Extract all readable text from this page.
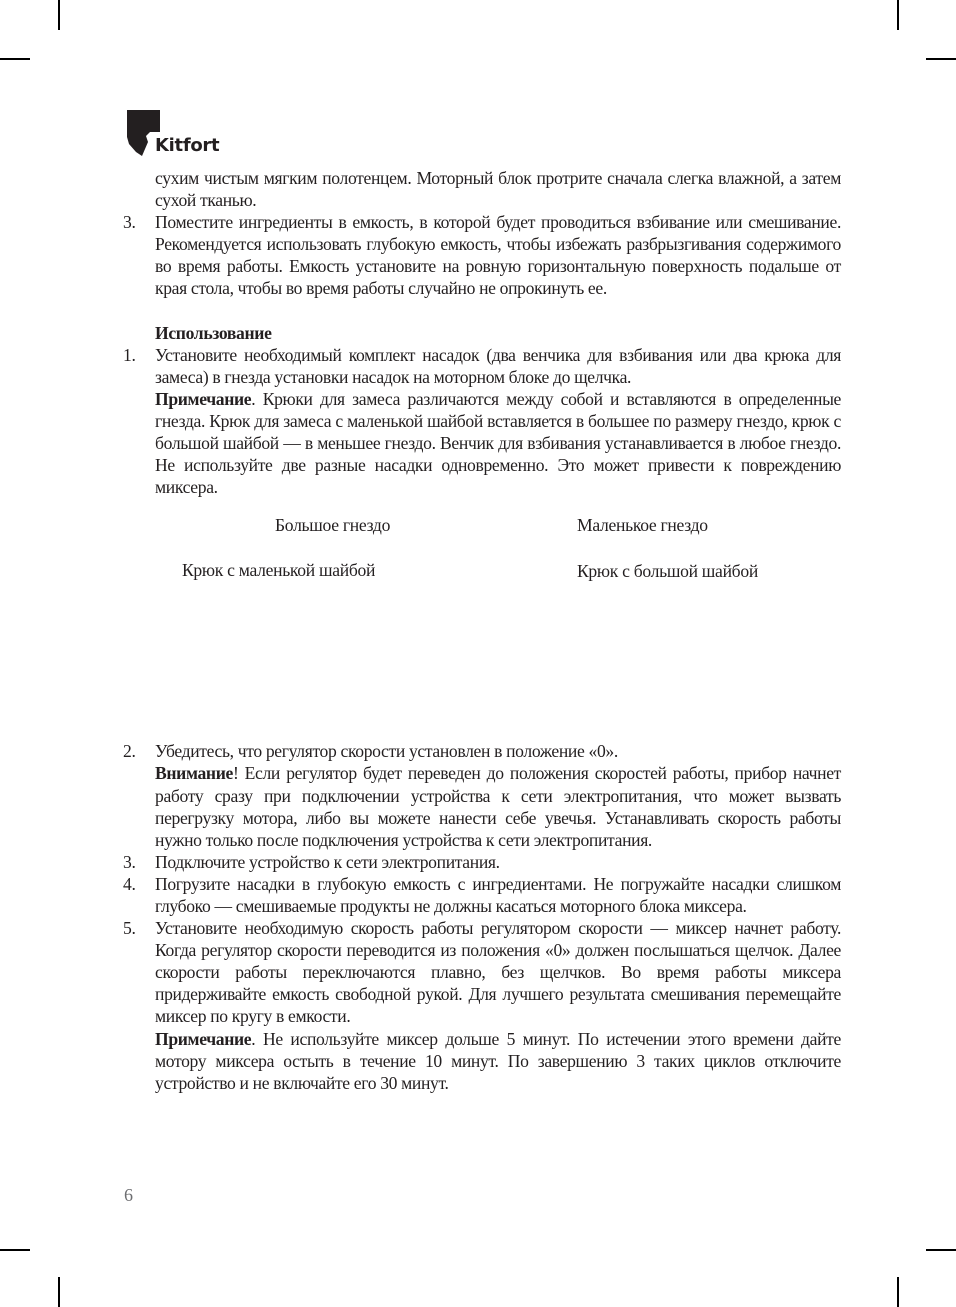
Kitfort
сухим чистым мягким полотенцем. Моторный блок протрите сначала слегка влажной, а затем сухой тканью.
3. Поместите ингредиенты в емкость, в которой будет проводиться взбивание или смешивание. Рекомендуется использовать глубокую емкость, чтобы избежать разбрызгивания содержимого во время работы. Емкость установите на ровную горизонтальную поверхность подальше от края стола, чтобы во время работы случайно не опрокинуть ее.
Использование
1. Установите необходимый комплект насадок (два венчика для взбивания или два крюка для замеса) в гнезда установки насадок на моторном блоке до щелчка.
Примечание. Крюки для замеса различаются между собой и вставляются в определенные гнезда. Крюк для замеса с маленькой шайбой вставляется в большее по размеру гнездо, крюк с большой шайбой — в меньшее гнездо. Венчик для взбивания устанавливается в любое гнездо. Не используйте две разные насадки одновременно. Это может привести к повреждению миксера.
Большое гнездо	Маленькое гнездо
Крюк с маленькой шайбой	Крюк с большой шайбой
2. Убедитесь, что регулятор скорости установлен в положение «0».
Внимание! Если регулятор будет переведен до положения скоростей работы, прибор начнет работу сразу при подключении устройства к сети электропитания, что может вызвать перегрузку мотора, либо вы можете нанести себе увечья. Устанавливать скорость работы нужно только после подключения устройства к сети электропитания.
3. Подключите устройство к сети электропитания.
4. Погрузите насадки в глубокую емкость с ингредиентами. Не погружайте насадки слишком глубоко — смешиваемые продукты не должны касаться моторного блока миксера.
5. Установите необходимую скорость работы регулятором скорости — миксер начнет работу. Когда регулятор скорости переводится из положения «0» должен послышаться щелчок. Далее скорости работы переключаются плавно, без щелчков. Во время работы миксера придерживайте емкость свободной рукой. Для лучшего результата смешивания перемещайте миксер по кругу в емкости.
Примечание. Не используйте миксер дольше 5 минут. По истечении этого времени дайте мотору миксера остыть в течение 10 минут. По завершению 3 таких циклов отключите устройство и не включайте его 30 минут.
6
